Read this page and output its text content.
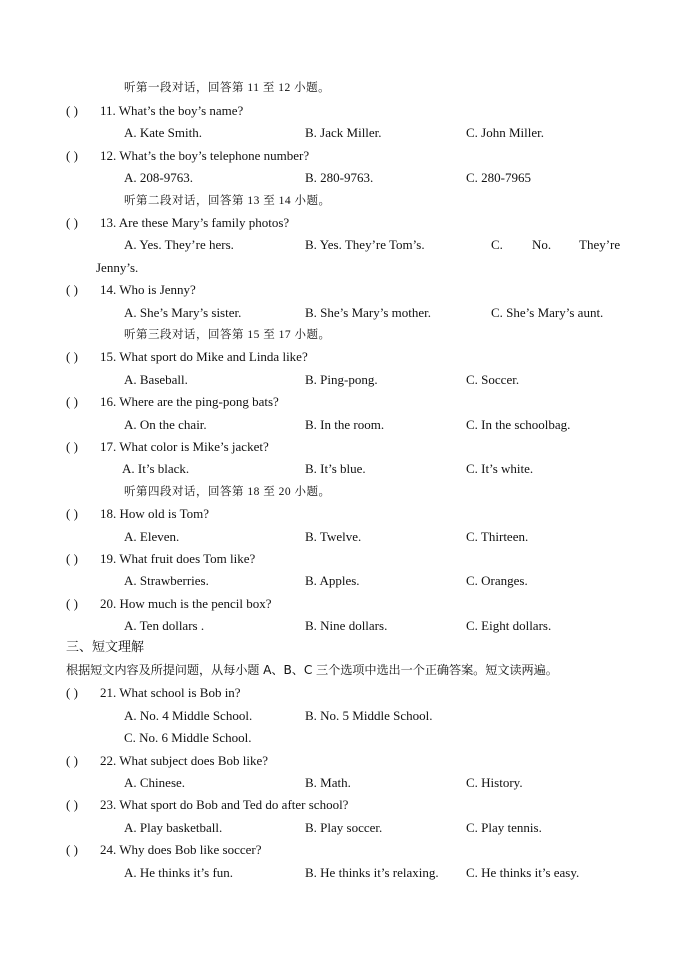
听第一段对话，回答第 11 至 12 小题。
( ) 11. What’s the boy’s name?
A. Kate Smith.	B. Jack Miller.	C. John Miller.
( ) 12. What’s the boy’s telephone number?
A. 208-9763.	B. 280-9763.	C. 280-7965
听第二段对话，回答第 13 至 14 小题。
( ) 13. Are these Mary’s family photos?
A. Yes. They’re hers.	B. Yes. They’re Tom’s.	C. No. They’re
Jenny’s.
( ) 14. Who is Jenny?
A. She’s Mary’s sister.	B. She’s Mary’s mother.	C. She’s Mary’s aunt.
听第三段对话，回答第 15 至 17 小题。
( ) 15. What sport do Mike and Linda like?
A. Baseball.	B. Ping-pong.	C. Soccer.
( ) 16. Where are the ping-pong bats?
A. On the chair.	B. In the room.	C. In the schoolbag.
( ) 17. What color is Mike’s jacket?
A. It’s black.	B. It’s blue.	C. It’s white.
听第四段对话，回答第 18 至 20 小题。
( ) 18. How old is Tom?
A. Eleven.	B. Twelve.	C. Thirteen.
( ) 19. What fruit does Tom like?
A. Strawberries.	B. Apples.	C. Oranges.
( ) 20. How much is the pencil box?
A. Ten dollars .	B. Nine dollars.	C. Eight dollars.
三、短文理解
根据短文内容及所提问题，从每小题 A、B、C 三个选项中选出一个正确答案。短文读两遍。
( ) 21. What school is Bob in?
A. No. 4 Middle School.	B. No. 5 Middle School.
C. No. 6 Middle School.
( ) 22. What subject does Bob like?
A. Chinese.	B. Math.	C. History.
( ) 23. What sport do Bob and Ted do after school?
A. Play basketball.	B. Play soccer.	C. Play tennis.
( ) 24. Why does Bob like soccer?
A. He thinks it’s fun.	B. He thinks it’s relaxing. C. He thinks it’s easy.
